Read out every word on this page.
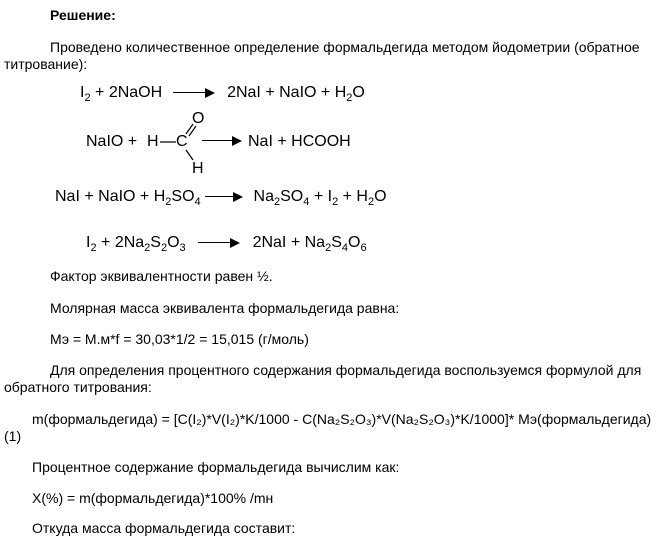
Решение:
Проведено количественное определение формальдегида методом йодометрии (обратное
титрование):
$I_2$ + 2NaOH	2NaI + NaIO + $H_2O$
NaIO + H C
O
H
NaI + HCOOH
NaI + NaIO + $H_2SO_4$	$Na_2SO_4 + I_2 + H_2O$
$I_2 + 2Na_2S_2O_3$	$2NaI + Na_2S_4O_6$
Фактор эквивалентности равен ½.
Молярная масса эквивалента формальдегида равна:
Мэ = М.м*f = 30,03*1/2 = 15,015 (г/моль)
Для определения процентного содержания формальдегида воспользуемся формулой для
обратного титрования:
m(формальдегида) = [C(I₂)*V(I₂)*K/1000 - C(Na₂S₂O₃)*V(Na₂S₂O₃)*K/1000]* Мэ(формальдегида)
(1)
Процентное содержание формальдегида вычислим как:
Х(%) = m(формальдегида)*100% /mн
Откуда масса формальдегида составит:
